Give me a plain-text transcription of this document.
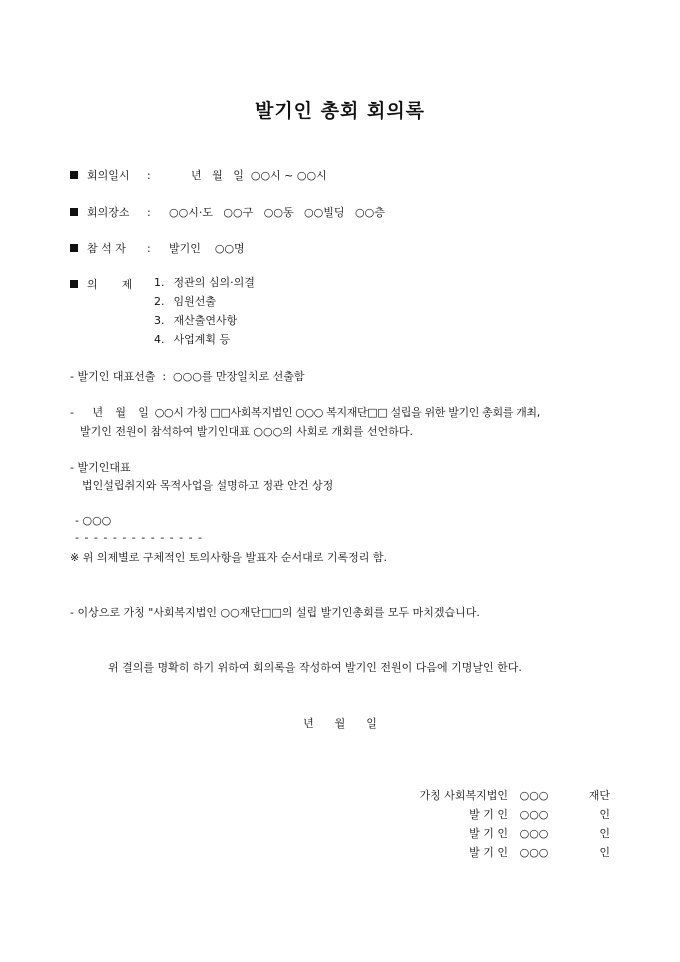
발기인 총회 회의록
회의일시 :	년   월   일  ○○시 ~ ○○시
회의장소 : ○○시·도   ○○구   ○○동   ○○빌딩   ○○층
참 석 자 : 발기인    ○○명
의 제 1. 정관의 심의·의결
2. 임원선출
3. 재산출연사항
4. 사업계획 등
- 발기인 대표선출  :  ○○○를 만장일치로 선출함
-      년    월    일  ○○시 가칭 □□사회복지법인 ○○○ 복지재단□□ 설립을 위한 발기인 총회를 개최,
발기인 전원이 참석하여 발기인대표 ○○○의 사회로 개회를 선언하다.
- 발기인대표
법인설립취지와 목적사업을 설명하고 정관 안건 상정
- ○○○
- - - - - - - - - - - - - -
※ 위 의제별로 구체적인 토의사항을 발표자 순서대로 기록정리 함.
- 이상으로 가칭 "사회복지법인 ○○재단□□의 설립 발기인총회를 모두 마치겠습니다.
위 결의를 명확히 하기 위하여 회의록을 작성하여 발기인 전원이 다음에 기명날인 한다.
년      월      일
가칭 사회복지법인	○○○	재단
발 기 인	○○○	인
발 기 인	○○○	인
발 기 인	○○○	인
